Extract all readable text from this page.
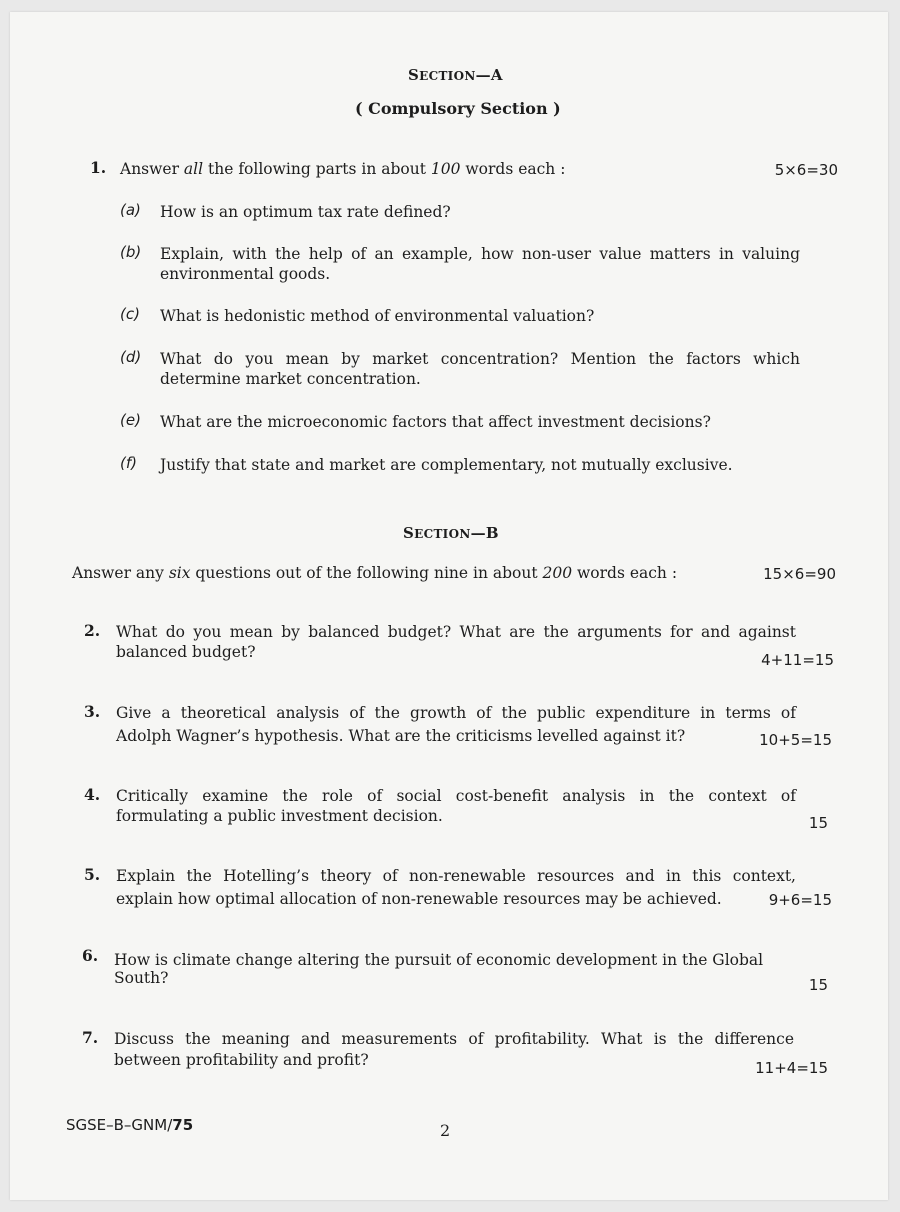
SECTION—A
( Compulsory Section )
1. Answer all the following parts in about 100 words each :	5×6=30
(a) How is an optimum tax rate defined?
(b) Explain, with the help of an example, how non-user value matters in valuing
environmental goods.
(c) What is hedonistic method of environmental valuation?
(d) What do you mean by market concentration? Mention the factors which
determine market concentration.
(e) What are the microeconomic factors that affect investment decisions?
(f) Justify that state and market are complementary, not mutually exclusive.
SECTION—B
Answer any six questions out of the following nine in about 200 words each :	15×6=90
2. What do you mean by balanced budget? What are the arguments for and against
balanced budget?	4+11=15
3. Give a theoretical analysis of the growth of the public expenditure in terms of
Adolph Wagner’s hypothesis. What are the criticisms levelled against it?	10+5=15
4. Critically examine the role of social cost-benefit analysis in the context of
formulating a public investment decision.	15
5. Explain the Hotelling’s theory of non-renewable resources and in this context,
explain how optimal allocation of non-renewable resources may be achieved.	9+6=15
6. How is climate change altering the pursuit of economic development in the Global
South?	15
7. Discuss the meaning and measurements of profitability. What is the difference
between profitability and profit?	11+4=15
SGSE–B–GNM/75	2
